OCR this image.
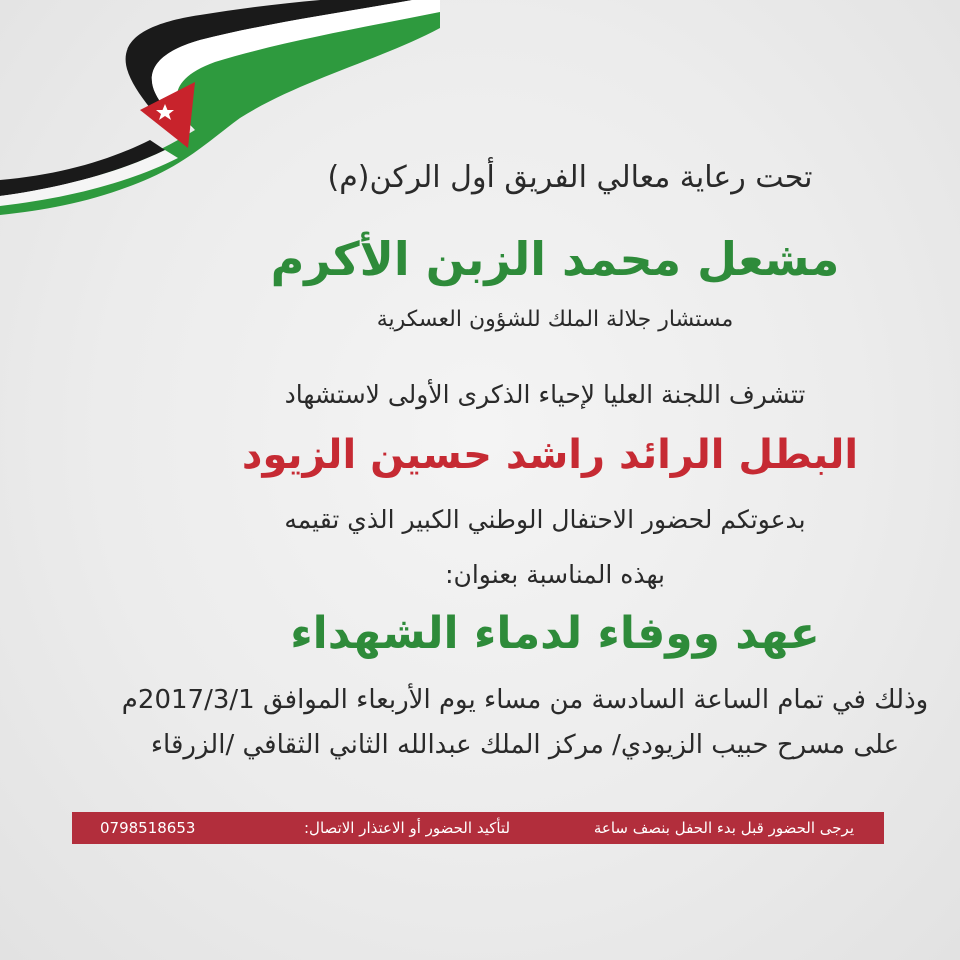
تحت رعاية معالي الفريق أول الركن(م)

مشعل محمد الزبن الأكرم

مستشار جلالة الملك للشؤون العسكرية

تتشرف اللجنة العليا لإحياء الذكرى الأولى لاستشهاد

البطل الرائد راشد حسين الزيود

بدعوتكم لحضور الاحتفال الوطني الكبير الذي تقيمه

بهذه المناسبة بعنوان:

عهد ووفاء لدماء الشهداء

وذلك في تمام الساعة السادسة من مساء يوم الأربعاء الموافق 2017/3/1م

على مسرح حبيب الزيودي/ مركز الملك عبدالله الثاني الثقافي /الزرقاء

يرجى الحضور قبل بدء الحفل بنصف ساعة
لتأكيد الحضور أو الاعتذار الاتصال:
0798518653
